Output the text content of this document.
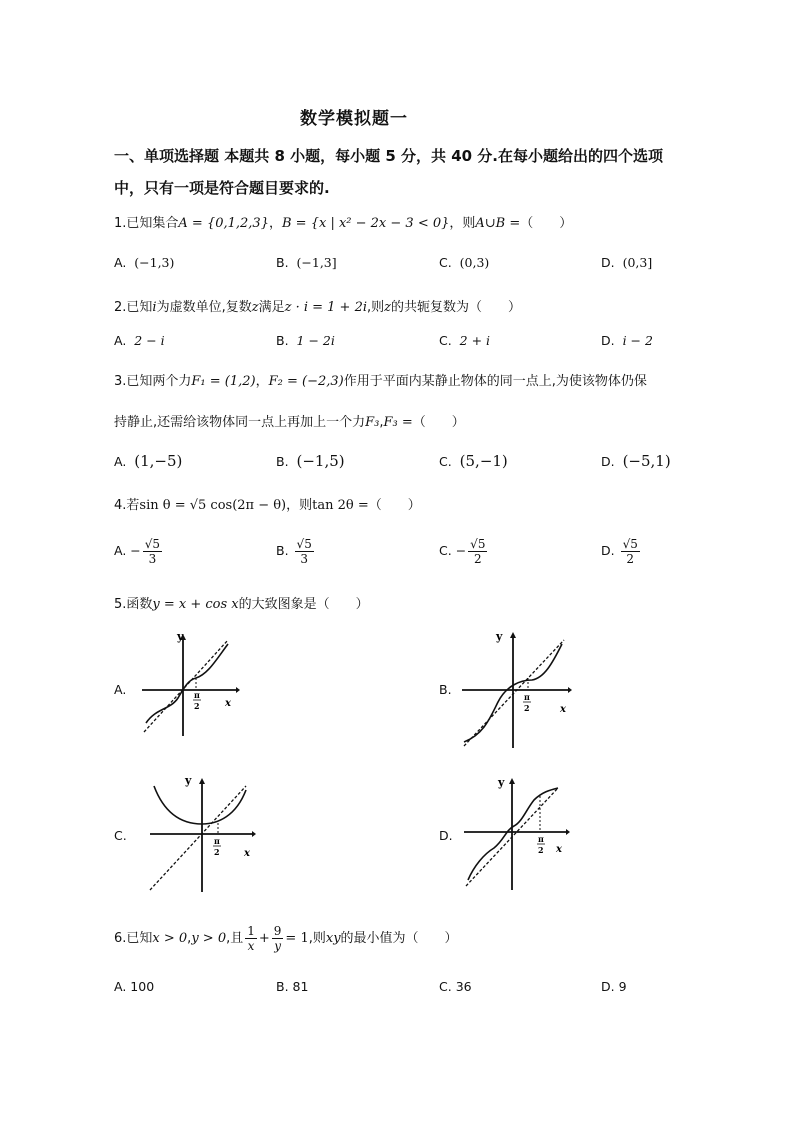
数学模拟题一
一、单项选择题 本题共 8 小题，每小题 5 分，共 40 分.在每小题给出的四个选项
中，只有一项是符合题目要求的.
1.已知集合A = {0,1,2,3}，B = {x | x² − 2x − 3 < 0}，则A∪B =（　　）
A. (−1,3)	B. (−1,3]	C. (0,3)	D. (0,3]
2.已知i为虚数单位,复数z满足z · i = 1 + 2i,则z的共轭复数为（　　）
A. 2 − i	B. 1 − 2i	C. 2 + i	D. i − 2
3.已知两个力F₁ = (1,2)，F₂ = (−2,3)作用于平面内某静止物体的同一点上,为使该物体仍保
持静止,还需给该物体同一点上再加上一个力F₃,F₃ =（　　）
A. (1,−5)	B. (−1,5)	C. (5,−1)	D. (−5,1)
4.若sin θ = √5 cos(2π − θ)，则tan 2θ =（　　）
A. − $\frac{√5}{3}$	B. $\frac{√5}{3}$	C. − $\frac{√5}{2}$	D. $\frac{√5}{2}$
5.函数y = x + cos x的大致图象是（　　）
A.	B.
C.	D.
y
x
π
2
y
x
π
2
y
x
π
2
y
x
π
2
6.已知x > 0,y > 0,且 $\frac{1}{x} + \frac{9}{y} = 1$,则xy的最小值为（　　）
A. 100	B. 81	C. 36	D. 9
